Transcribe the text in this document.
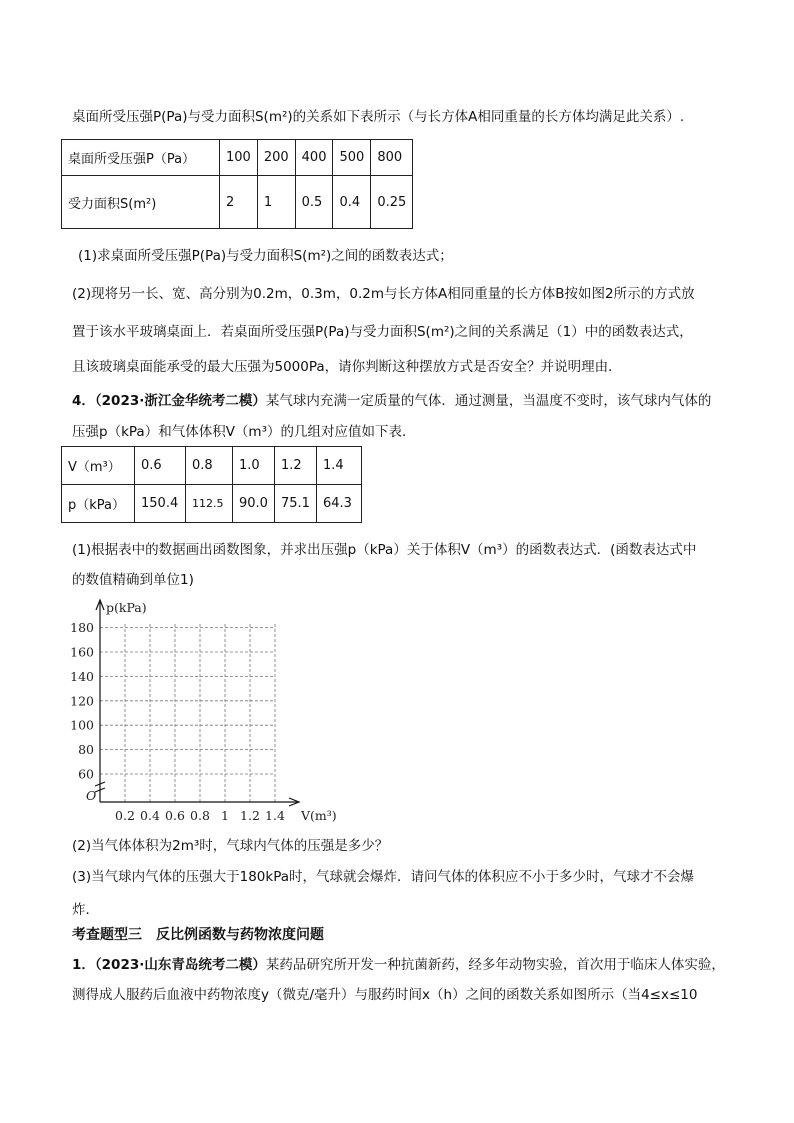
桌面所受压强P(Pa)与受力面积S(m²)的关系如下表所示（与长方体A相同重量的长方体均满足此关系）.
桌面所受压强P（Pa）	100	200	400	500	800
受力面积S(m²)	2	1	0.5	0.4	0.25
(1)求桌面所受压强P(Pa)与受力面积S(m²)之间的函数表达式；
(2)现将另一长、宽、高分别为0.2m，0.3m，0.2m与长方体A相同重量的长方体B按如图2所示的方式放
置于该水平玻璃桌面上．若桌面所受压强P(Pa)与受力面积S(m²)之间的关系满足（1）中的函数表达式，
且该玻璃桌面能承受的最大压强为5000Pa，请你判断这种摆放方式是否安全？并说明理由．
4．（2023·浙江金华统考二模）某气球内充满一定质量的气体．通过测量，当温度不变时，该气球内气体的
压强p（kPa）和气体体积V（m³）的几组对应值如下表．
V（m³）	0.6	0.8	1.0	1.2	1.4
p（kPa）	150.4	112.5	90.0	75.1	64.3
(1)根据表中的数据画出函数图象，并求出压强p（kPa）关于体积V（m³）的函数表达式．(函数表达式中
的数值精确到单位1)
60
80
100
120
140
160
180
0.2 0.4 0.6 0.8 1 1.2 1.4
p(kPa)
V(m³)
O
(2)当气体体积为2m³时，气球内气体的压强是多少？
(3)当气球内气体的压强大于180kPa时，气球就会爆炸．请问气体的体积应不小于多少时，气球才不会爆
炸．
考查题型三　反比例函数与药物浓度问题
1．（2023·山东青岛统考二模）某药品研究所开发一种抗菌新药，经多年动物实验，首次用于临床人体实验，
测得成人服药后血液中药物浓度y（微克/毫升）与服药时间x（h）之间的函数关系如图所示（当4≤x≤10
